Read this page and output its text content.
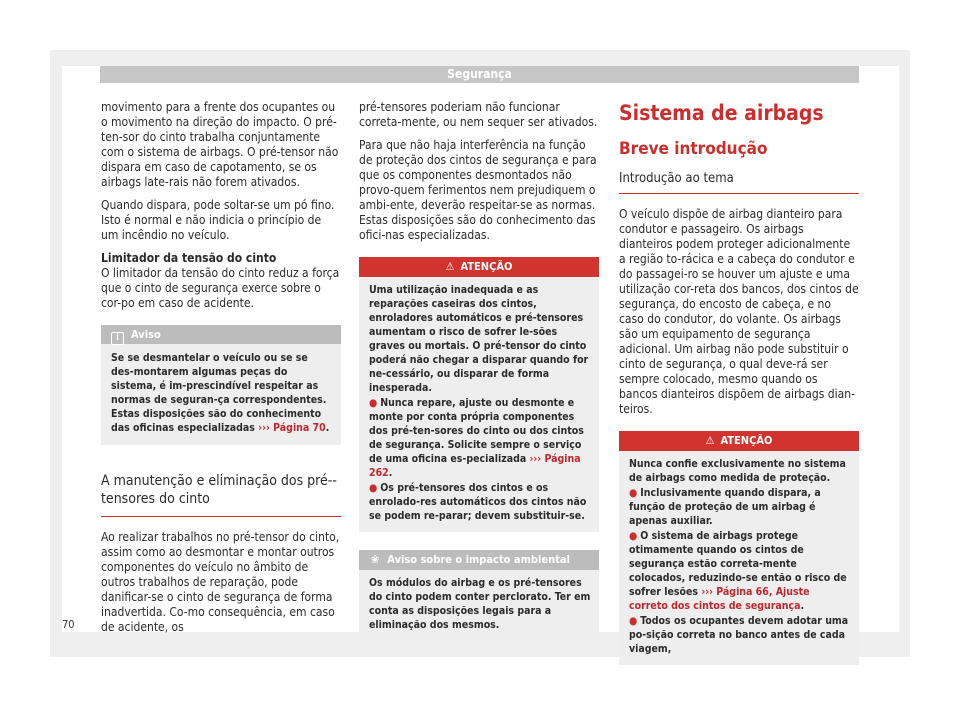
Segurança
movimento para a frente dos ocupantes ou o movimento na direção do impacto. O pré-ten-sor do cinto trabalha conjuntamente com o sistema de airbags. O pré-tensor não dispara em caso de capotamento, se os airbags late-rais não forem ativados.
Quando dispara, pode soltar-se um pó fino. Isto é normal e não indicia o princípio de um incêndio no veículo.
Limitador da tensão do cinto
O limitador da tensão do cinto reduz a força que o cinto de segurança exerce sobre o cor-po em caso de acidente.
i Aviso
Se se desmantelar o veículo ou se se des-montarem algumas peças do sistema, é im-prescindível respeitar as normas de seguran-ça correspondentes. Estas disposições são do conhecimento das oficinas especializadas ››› Página 70.
A manutenção e eliminação dos pré--tensores do cinto
Ao realizar trabalhos no pré-tensor do cinto, assim como ao desmontar e montar outros componentes do veículo no âmbito de outros trabalhos de reparação, pode danificar-se o cinto de segurança de forma inadvertida. Co-mo consequência, em caso de acidente, os
pré-tensores poderiam não funcionar correta-mente, ou nem sequer ser ativados.
Para que não haja interferência na função de proteção dos cintos de segurança e para que os componentes desmontados não provo-quem ferimentos nem prejudiquem o ambi-ente, deverão respeitar-se as normas. Estas disposições são do conhecimento das ofici-nas especializadas.
⚠ ATENÇÃO
Uma utilização inadequada e as reparações caseiras dos cintos, enroladores automáticos e pré-tensores aumentam o risco de sofrer le-sões graves ou mortais. O pré-tensor do cinto poderá não chegar a disparar quando for ne-cessário, ou disparar de forma inesperada.
● Nunca repare, ajuste ou desmonte e monte por conta própria componentes dos pré-ten-sores do cinto ou dos cintos de segurança. Solicite sempre o serviço de uma oficina es-pecializada ››› Página 262.
● Os pré-tensores dos cintos e os enrolado-res automáticos dos cintos não se podem re-parar; devem substituir-se.
❀ Aviso sobre o impacto ambiental
Os módulos do airbag e os pré-tensores do cinto podem conter perclorato. Ter em conta as disposições legais para a eliminação dos mesmos.
Sistema de airbags
Breve introdução
Introdução ao tema
O veículo dispõe de airbag dianteiro para condutor e passageiro. Os airbags dianteiros podem proteger adicionalmente a região to-rácica e a cabeça do condutor e do passagei-ro se houver um ajuste e uma utilização cor-reta dos bancos, dos cintos de segurança, do encosto de cabeça, e no caso do condutor, do volante. Os airbags são um equipamento de segurança adicional. Um airbag não pode substituir o cinto de segurança, o qual deve-rá ser sempre colocado, mesmo quando os bancos dianteiros dispõem de airbags dian-teiros.
⚠ ATENÇÃO
Nunca confie exclusivamente no sistema de airbags como medida de proteção.
● Inclusivamente quando dispara, a função de proteção de um airbag é apenas auxiliar.
● O sistema de airbags protege otimamente quando os cintos de segurança estão correta-mente colocados, reduzindo-se então o risco de sofrer lesões ››› Página 66, Ajuste correto dos cintos de segurança.
● Todos os ocupantes devem adotar uma po-sição correta no banco antes de cada viagem,
70
